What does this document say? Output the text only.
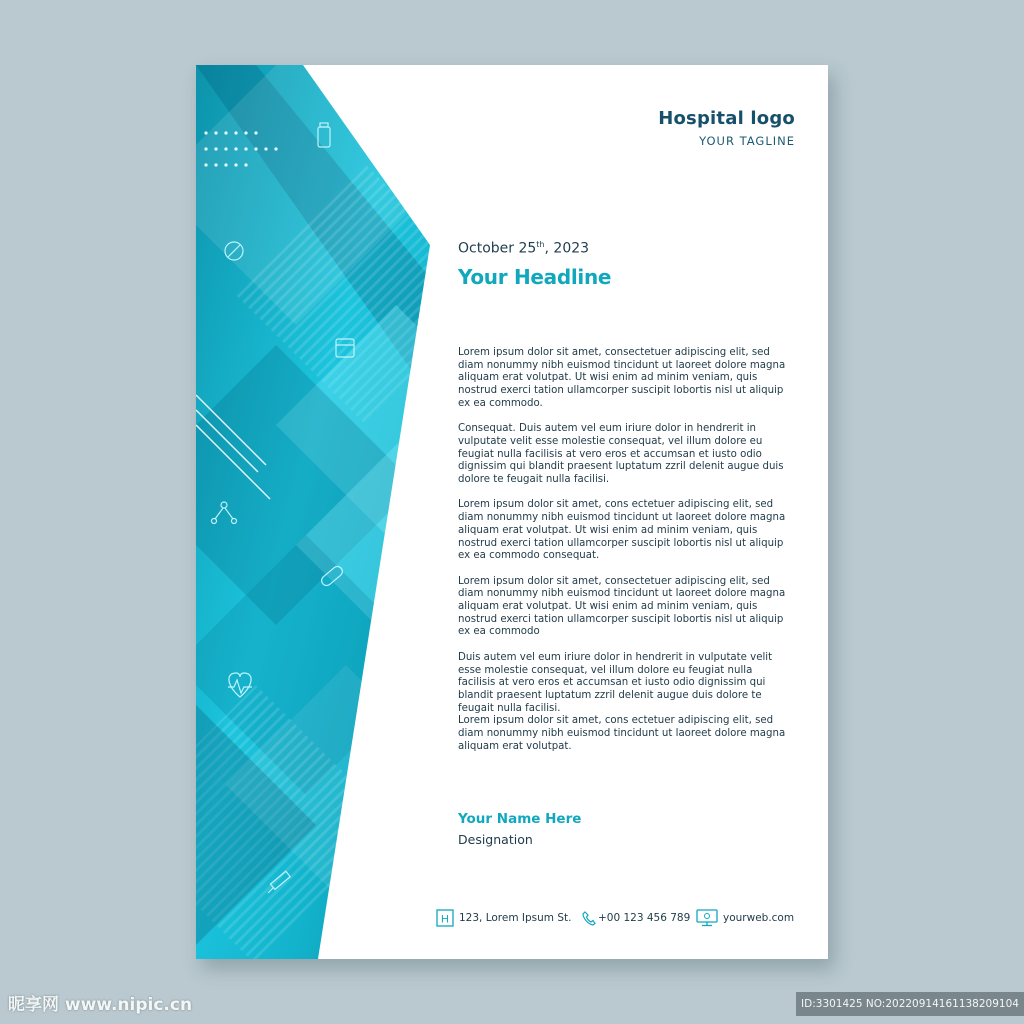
Hospital logo
YOUR TAGLINE
October 25th, 2023
Your Headline

Lorem ipsum dolor sit amet, consectetuer adipiscing elit, sed diam nonummy nibh euismod tincidunt ut laoreet dolore magna aliquam erat volutpat. Ut wisi enim ad minim veniam, quis nostrud exerci tation ullamcorper suscipit lobortis nisl ut aliquip ex ea commodo.

Consequat. Duis autem vel eum iriure dolor in hendrerit in vulputate velit esse molestie consequat, vel illum dolore eu feugiat nulla facilisis at vero eros et accumsan et iusto odio dignissim qui blandit praesent luptatum zzril delenit augue duis dolore te feugait nulla facilisi.

Lorem ipsum dolor sit amet, cons ectetuer adipiscing elit, sed diam nonummy nibh euismod tincidunt ut laoreet dolore magna aliquam erat volutpat. Ut wisi enim ad minim veniam, quis nostrud exerci tation ullamcorper suscipit lobortis nisl ut aliquip ex ea commodo consequat.

Lorem ipsum dolor sit amet, consectetuer adipiscing elit, sed diam nonummy nibh euismod tincidunt ut laoreet dolore magna aliquam erat volutpat. Ut wisi enim ad minim veniam, quis nostrud exerci tation ullamcorper suscipit lobortis nisl ut aliquip ex ea commodo

Duis autem vel eum iriure dolor in hendrerit in vulputate velit esse molestie consequat, vel illum dolore eu feugiat nulla facilisis at vero eros et accumsan et iusto odio dignissim qui blandit praesent luptatum zzril delenit augue duis dolore te feugait nulla facilisi.

Lorem ipsum dolor sit amet, cons ectetuer adipiscing elit, sed diam nonummy nibh euismod tincidunt ut laoreet dolore magna aliquam erat volutpat.

Your Name Here
Designation
H 123, Lorem Ipsum St.	+00 123 456 789	yourweb.com
昵享网 www.nipic.cn	ID:3301425 NO:20220914161138209104
